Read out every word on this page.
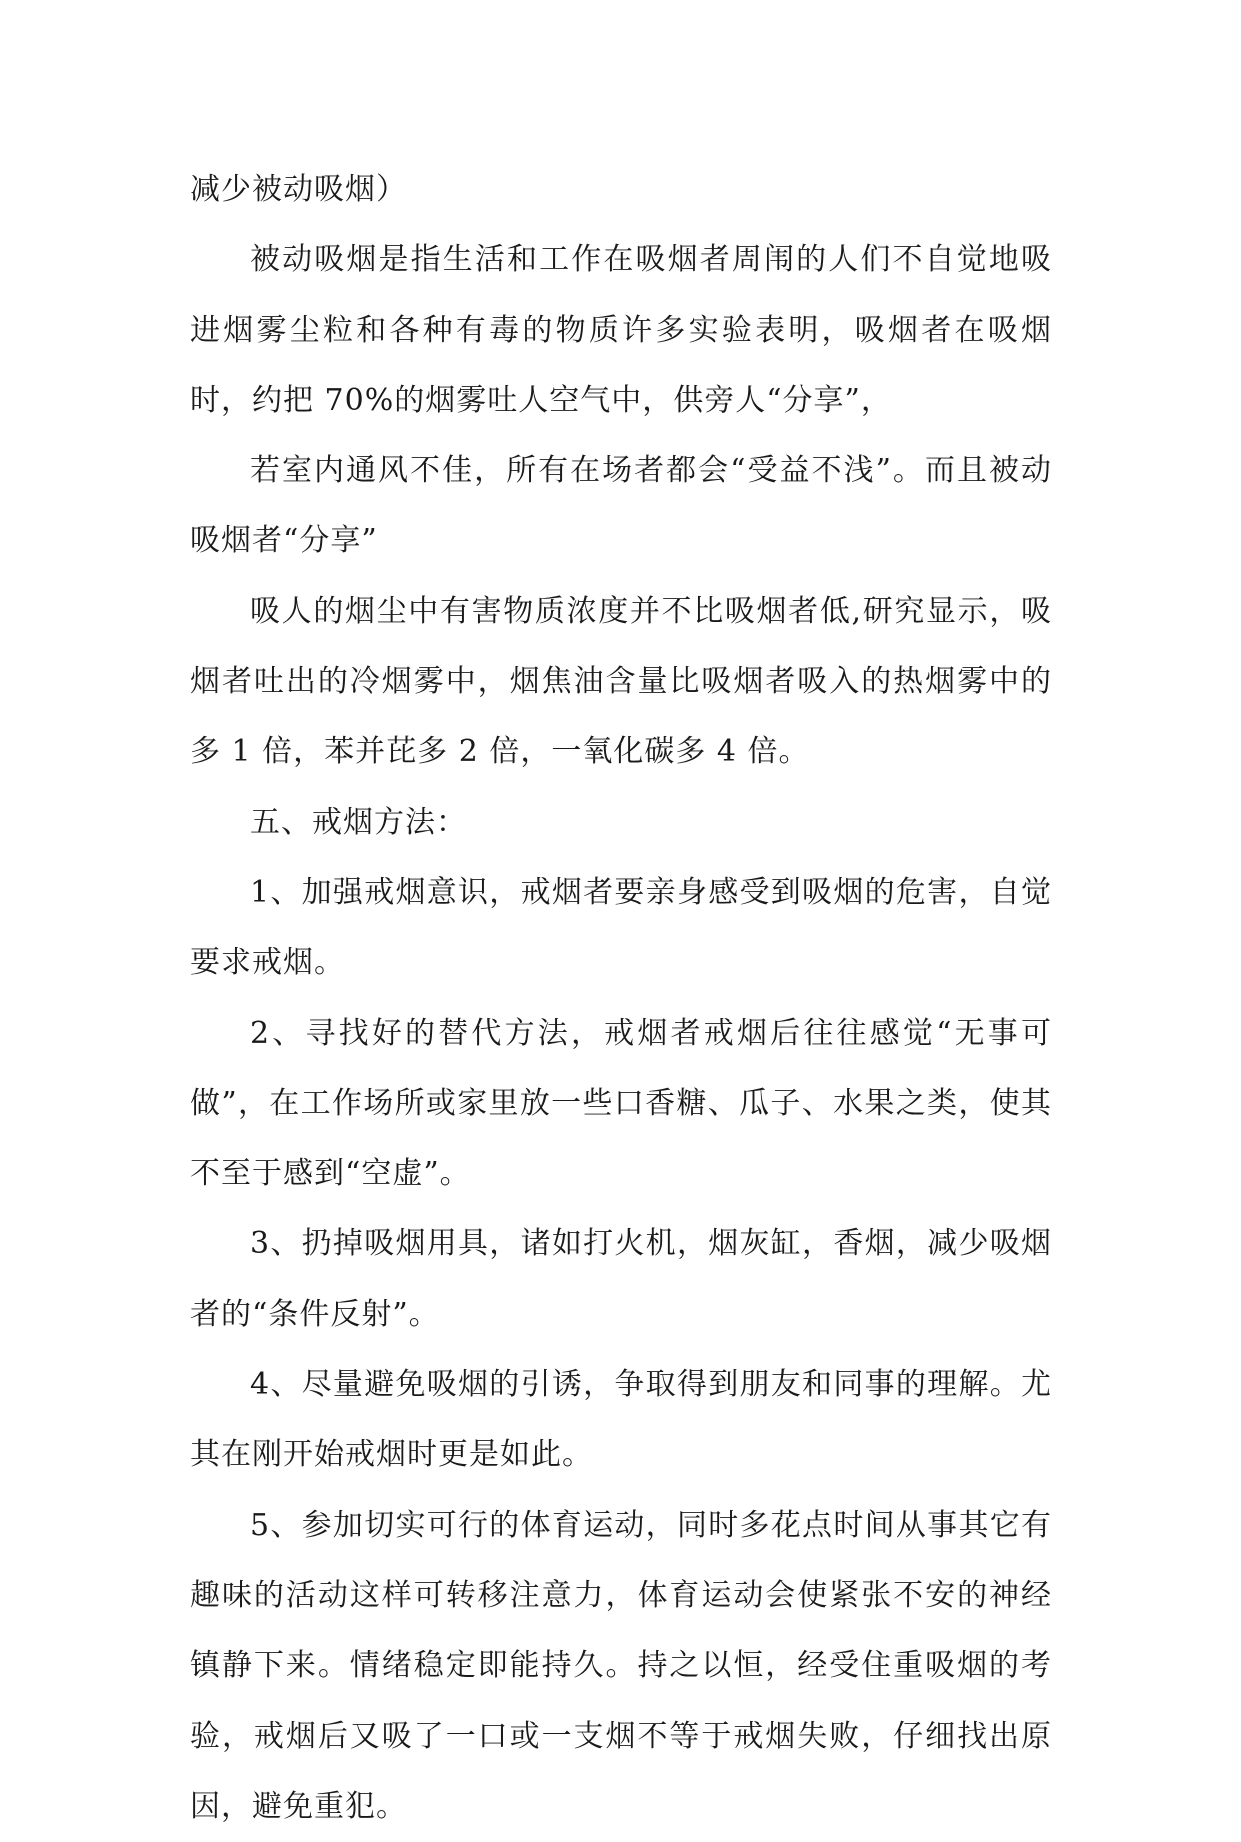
减少被动吸烟）

被动吸烟是指生活和工作在吸烟者周闱的人们不自觉地吸进烟雾尘粒和各种有毒的物质许多实验表明，吸烟者在吸烟时，约把 70%的烟雾吐人空气中，供旁人“分享”，

若室内通风不佳，所有在场者都会“受益不浅”。而且被动吸烟者“分享”

吸人的烟尘中有害物质浓度并不比吸烟者低,研究显示，吸烟者吐出的冷烟雾中，烟焦油含量比吸烟者吸入的热烟雾中的多 1 倍，苯并芘多 2 倍，一氧化碳多 4 倍。

五、戒烟方法：

1、加强戒烟意识，戒烟者要亲身感受到吸烟的危害，自觉要求戒烟。

2、寻找好的替代方法，戒烟者戒烟后往往感觉“无事可做”，在工作场所或家里放一些口香糖、瓜子、水果之类，使其不至于感到“空虚”。

3、扔掉吸烟用具，诸如打火机，烟灰缸，香烟，减少吸烟者的“条件反射”。

4、尽量避免吸烟的引诱，争取得到朋友和同事的理解。尤其在刚开始戒烟时更是如此。

5、参加切实可行的体育运动，同时多花点时间从事其它有趣味的活动这样可转移注意力，体育运动会使紧张不安的神经镇静下来。情绪稳定即能持久。持之以恒，经受住重吸烟的考验，戒烟后又吸了一口或一支烟不等于戒烟失败，仔细找出原因，避免重犯。
